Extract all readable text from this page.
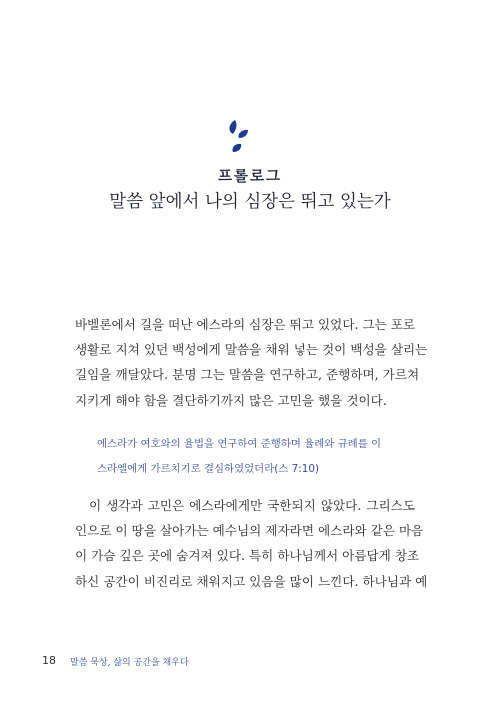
프롤로그
말씀 앞에서 나의 심장은 뛰고 있는가
바벨론에서 길을 떠난 에스라의 심장은 뛰고 있었다. 그는 포로
생활로 지쳐 있던 백성에게 말씀을 채워 넣는 것이 백성을 살리는
길임을 깨달았다. 분명 그는 말씀을 연구하고, 준행하며, 가르쳐
지키게 해야 함을 결단하기까지 많은 고민을 했을 것이다.
에스라가 여호와의 율법을 연구하여 준행하며 율례와 규례를 이
스라엘에게 가르치기로 결심하였었더라(스 7:10)
이 생각과 고민은 에스라에게만 국한되지 않았다. 그리스도
인으로 이 땅을 살아가는 예수님의 제자라면 에스라와 같은 마음
이 가슴 깊은 곳에 숨겨져 있다. 특히 하나님께서 아름답게 창조
하신 공간이 비진리로 채워지고 있음을 많이 느낀다. 하나님과 예
18 말씀 묵상, 삶의 공간을 채우다
